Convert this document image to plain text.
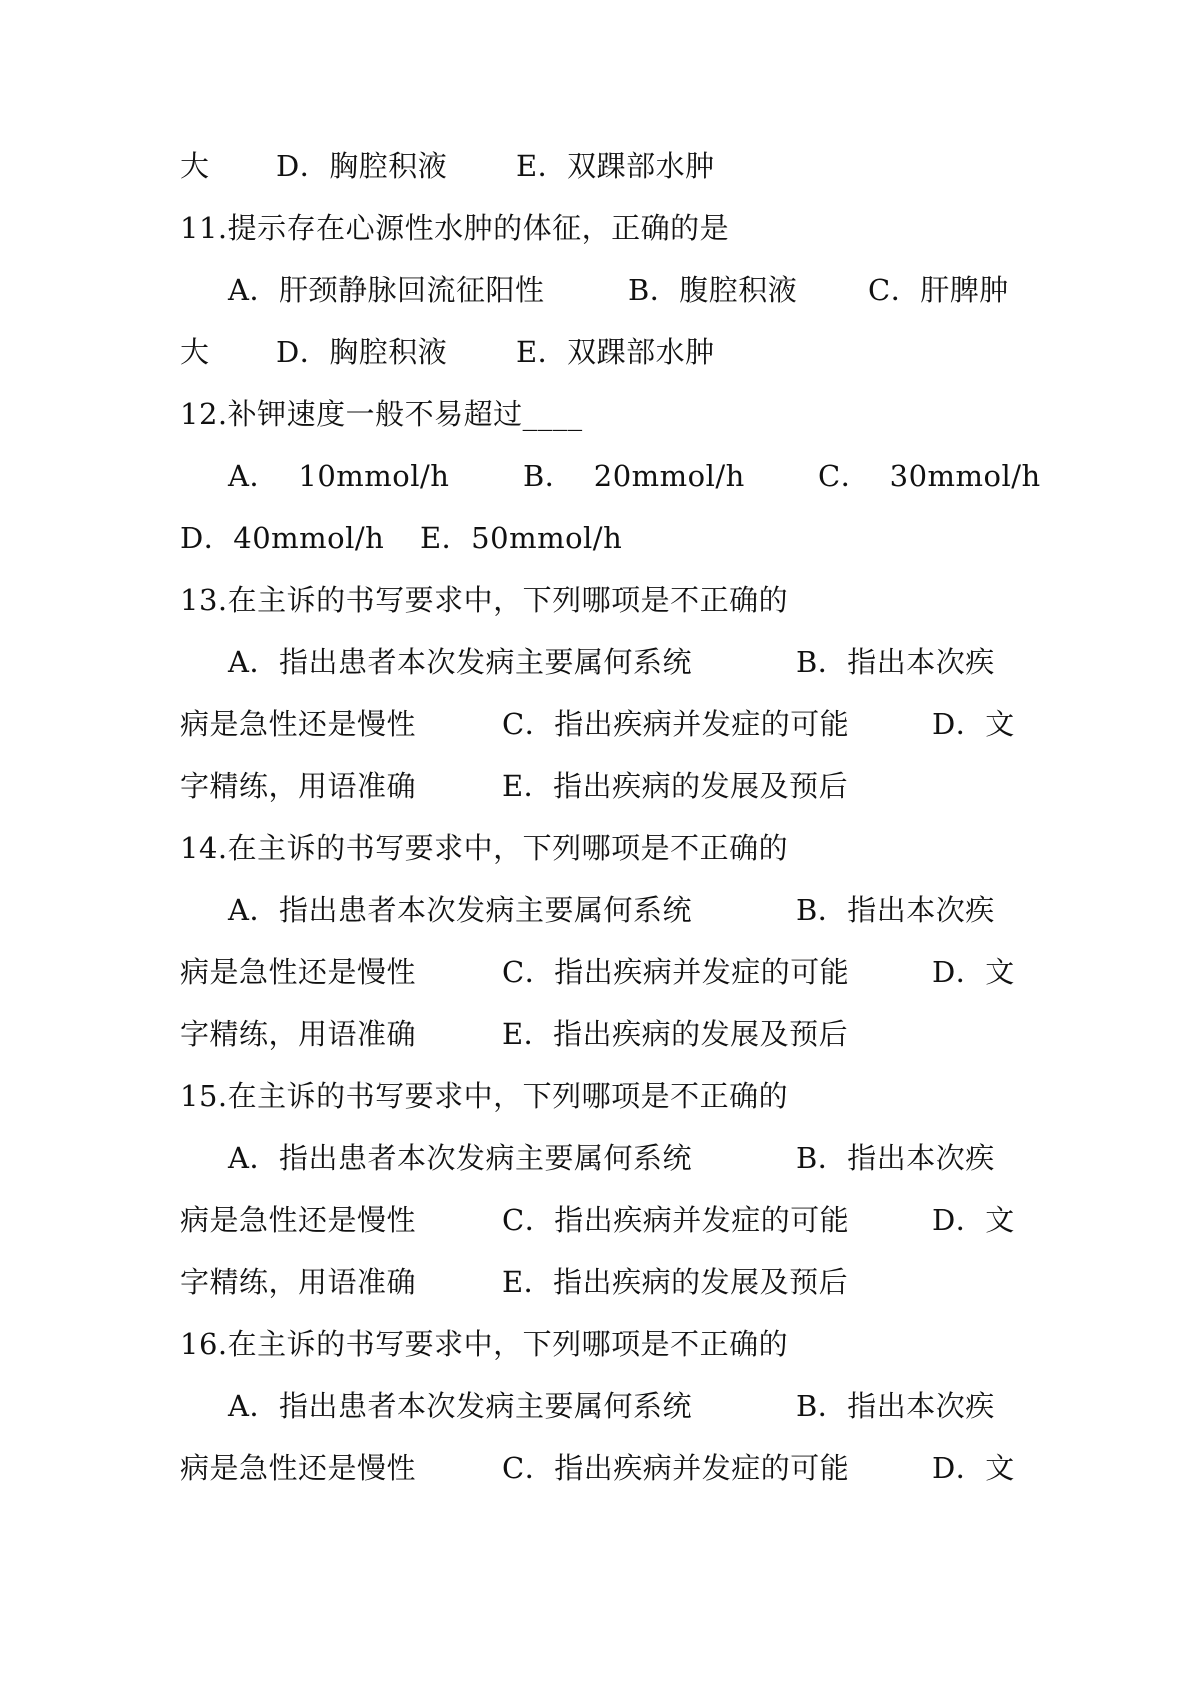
大

D．胸腔积液

E．双踝部水肿

11.提示存在心源性水肿的体征，正确的是

A．肝颈静脉回流征阳性

	B．腹腔积液

C．肝脾肿

大

D．胸腔积液

E．双踝部水肿

12.补钾速度一般不易超过____

A．  10mmol/h

	B．  20mmol/h

	C．  30mmol/h

D．40mmol/h

E．50mmol/h

13.在主诉的书写要求中，下列哪项是不正确的

A．指出患者本次发病主要属何系统

	B．指出本次疾

病是急性还是慢性

	C．指出疾病并发症的可能

	D．文

字精练，用语准确

	E．指出疾病的发展及预后

14.在主诉的书写要求中，下列哪项是不正确的

A．指出患者本次发病主要属何系统

	B．指出本次疾

病是急性还是慢性

	C．指出疾病并发症的可能

	D．文

字精练，用语准确

	E．指出疾病的发展及预后

15.在主诉的书写要求中，下列哪项是不正确的

A．指出患者本次发病主要属何系统

	B．指出本次疾

病是急性还是慢性

	C．指出疾病并发症的可能

	D．文

字精练，用语准确

	E．指出疾病的发展及预后

16.在主诉的书写要求中，下列哪项是不正确的

A．指出患者本次发病主要属何系统

	B．指出本次疾

病是急性还是慢性

	C．指出疾病并发症的可能

	D．文
